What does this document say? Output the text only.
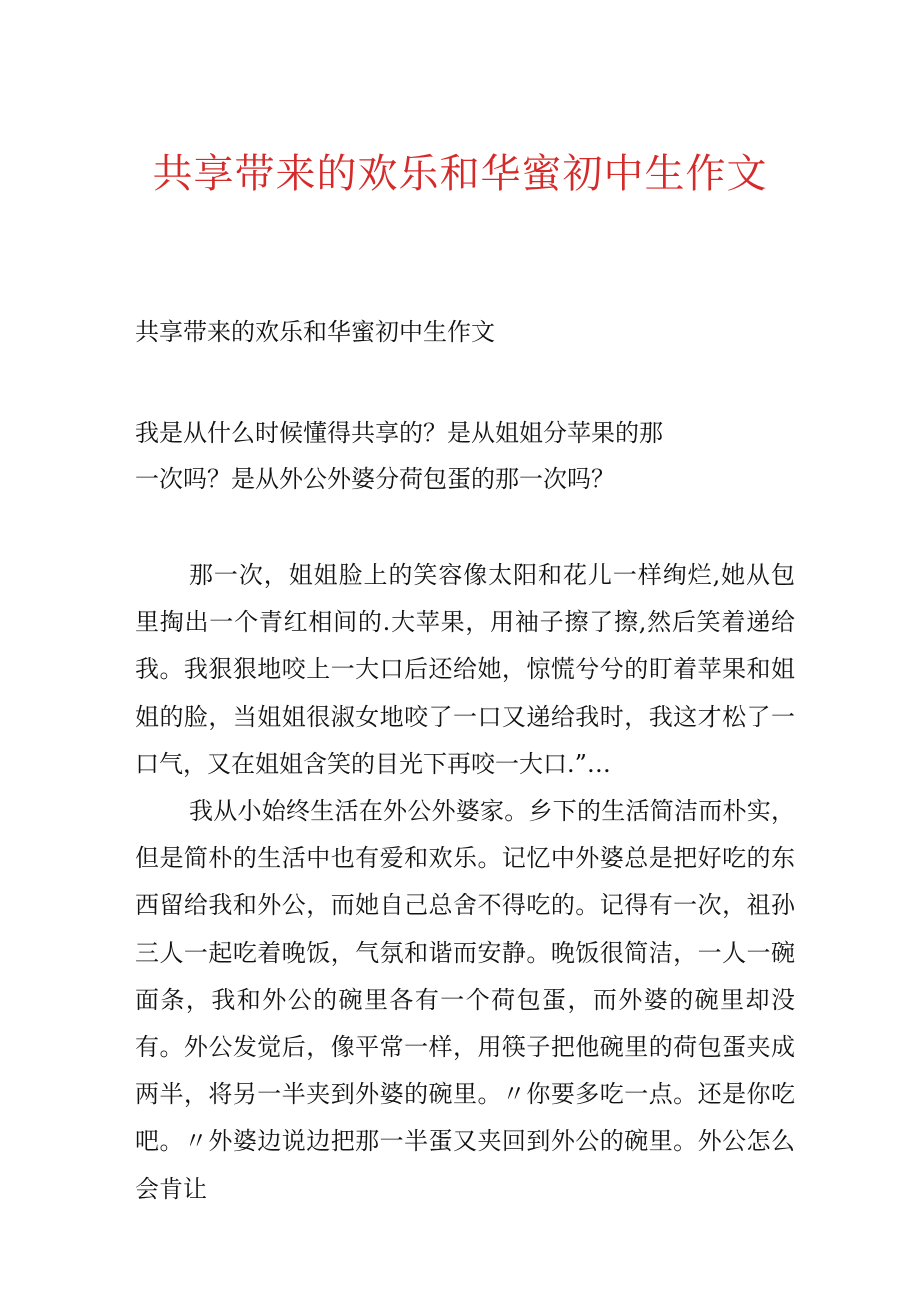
共享带来的欢乐和华蜜初中生作文

共享带来的欢乐和华蜜初中生作文

我是从什么时候懂得共享的？是从姐姐分苹果的那
一次吗？是从外公外婆分荷包蛋的那一次吗？

那一次，姐姐脸上的笑容像太阳和花儿一样绚烂,她从包里掏出一个青红相间的.大苹果，用袖子擦了擦,然后笑着递给我。我狠狠地咬上一大口后还给她，惊慌兮兮的盯着苹果和姐姐的脸，当姐姐很淑女地咬了一口又递给我时，我这才松了一口气，又在姐姐含笑的目光下再咬一大口.”…

我从小始终生活在外公外婆家。乡下的生活简洁而朴实，但是简朴的生活中也有爱和欢乐。记忆中外婆总是把好吃的东西留给我和外公，而她自己总舍不得吃的。记得有一次，祖孙三人一起吃着晚饭，气氛和谐而安静。晚饭很简洁，一人一碗面条，我和外公的碗里各有一个荷包蛋，而外婆的碗里却没有。外公发觉后，像平常一样，用筷子把他碗里的荷包蛋夹成两半，将另一半夹到外婆的碗里。〃你要多吃一点。还是你吃吧。〃外婆边说边把那一半蛋又夹回到外公的碗里。外公怎么会肯让
